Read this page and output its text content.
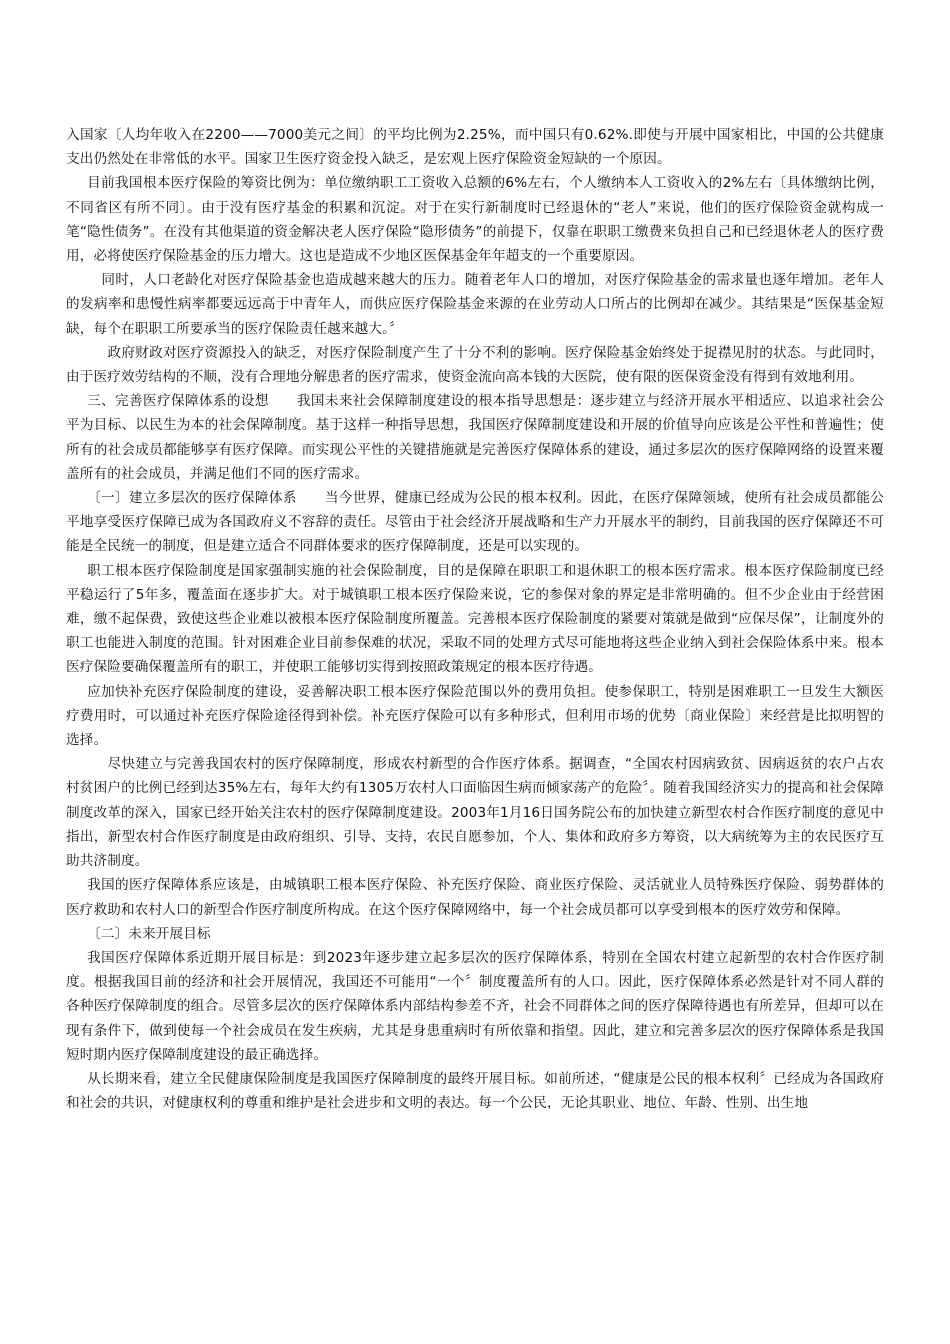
入国家〔人均年收入在2200——7000美元之间〕的平均比例为2.25%，而中国只有0.62%.即使与开展中国家相比，中国的公共健康支出仍然处在非常低的水平。国家卫生医疗资金投入缺乏，是宏观上医疗保险资金短缺的一个原因。

目前我国根本医疗保险的筹资比例为：单位缴纳职工工资收入总额的6%左右，个人缴纳本人工资收入的2%左右〔具体缴纳比例，不同省区有所不同〕。由于没有医疗基金的积累和沉淀。对于在实行新制度时已经退休的“老人”来说，他们的医疗保险资金就构成一笔“隐性债务”。在没有其他渠道的资金解决老人医疗保险“隐形债务”的前提下，仅靠在职职工缴费来负担自己和已经退休老人的医疗费用，必将使医疗保险基金的压力增大。这也是造成不少地区医保基金年年超支的一个重要原因。

同时，人口老龄化对医疗保险基金也造成越来越大的压力。随着老年人口的增加，对医疗保险基金的需求量也逐年增加。老年人的发病率和患慢性病率都要远远高于中青年人，而供应医疗保险基金来源的在业劳动人口所占的比例却在减少。其结果是“医保基金短缺，每个在职职工所要承当的医疗保险责任越来越大。〞

政府财政对医疗资源投入的缺乏，对医疗保险制度产生了十分不利的影响。医疗保险基金始终处于捉襟见肘的状态。与此同时，由于医疗效劳结构的不顺，没有合理地分解患者的医疗需求，使资金流向高本钱的大医院，使有限的医保资金没有得到有效地利用。

三、完善医疗保障体系的设想　　我国未来社会保障制度建设的根本指导思想是：逐步建立与经济开展水平相适应、以追求社会公平为目标、以民生为本的社会保障制度。基于这样一种指导思想，我国医疗保障制度建设和开展的价值导向应该是公平性和普遍性；使所有的社会成员都能够享有医疗保障。而实现公平性的关键措施就是完善医疗保障体系的建设，通过多层次的医疗保障网络的设置来覆盖所有的社会成员，并满足他们不同的医疗需求。

〔一〕建立多层次的医疗保障体系　　当今世界，健康已经成为公民的根本权利。因此，在医疗保障领域，使所有社会成员都能公平地享受医疗保障已成为各国政府义不容辞的责任。尽管由于社会经济开展战略和生产力开展水平的制约，目前我国的医疗保障还不可能是全民统一的制度，但是建立适合不同群体要求的医疗保障制度，还是可以实现的。

职工根本医疗保险制度是国家强制实施的社会保险制度，目的是保障在职职工和退休职工的根本医疗需求。根本医疗保险制度已经平稳运行了5年多，覆盖面在逐步扩大。对于城镇职工根本医疗保险来说，它的参保对象的界定是非常明确的。但不少企业由于经营困难，缴不起保费，致使这些企业难以被根本医疗保险制度所覆盖。完善根本医疗保险制度的紧要对策就是做到“应保尽保”，让制度外的职工也能进入制度的范围。针对困难企业目前参保难的状况，采取不同的处理方式尽可能地将这些企业纳入到社会保险体系中来。根本医疗保险要确保覆盖所有的职工，并使职工能够切实得到按照政策规定的根本医疗待遇。

应加快补充医疗保险制度的建设，妥善解决职工根本医疗保险范围以外的费用负担。使参保职工，特别是困难职工一旦发生大额医疗费用时，可以通过补充医疗保险途径得到补偿。补充医疗保险可以有多种形式，但利用市场的优势〔商业保险〕来经营是比拟明智的选择。

尽快建立与完善我国农村的医疗保障制度，形成农村新型的合作医疗体系。据调查，“全国农村因病致贫、因病返贫的农户占农村贫困户的比例已经到达35%左右，每年大约有1305万农村人口面临因生病而倾家荡产的危险〞。随着我国经济实力的提高和社会保障制度改革的深入，国家已经开始关注农村的医疗保障制度建设。2003年1月16日国务院公布的加快建立新型农村合作医疗制度的意见中指出，新型农村合作医疗制度是由政府组织、引导、支持，农民自愿参加，个人、集体和政府多方筹资，以大病统筹为主的农民医疗互助共济制度。

我国的医疗保障体系应该是，由城镇职工根本医疗保险、补充医疗保险、商业医疗保险、灵活就业人员特殊医疗保险、弱势群体的医疗救助和农村人口的新型合作医疗制度所构成。在这个医疗保障网络中，每一个社会成员都可以享受到根本的医疗效劳和保障。

〔二〕未来开展目标

我国医疗保障体系近期开展目标是：到2023年逐步建立起多层次的医疗保障体系，特别在全国农村建立起新型的农村合作医疗制度。根据我国目前的经济和社会开展情况，我国还不可能用“一个〞制度覆盖所有的人口。因此，医疗保障体系必然是针对不同人群的各种医疗保障制度的组合。尽管多层次的医疗保障体系内部结构参差不齐，社会不同群体之间的医疗保障待遇也有所差异，但却可以在现有条件下，做到使每一个社会成员在发生疾病，尤其是身患重病时有所依靠和指望。因此，建立和完善多层次的医疗保障体系是我国短时期内医疗保障制度建设的最正确选择。

从长期来看，建立全民健康保险制度是我国医疗保障制度的最终开展目标。如前所述，“健康是公民的根本权利〞已经成为各国政府和社会的共识，对健康权利的尊重和维护是社会进步和文明的表达。每一个公民，无论其职业、地位、年龄、性别、出生地
